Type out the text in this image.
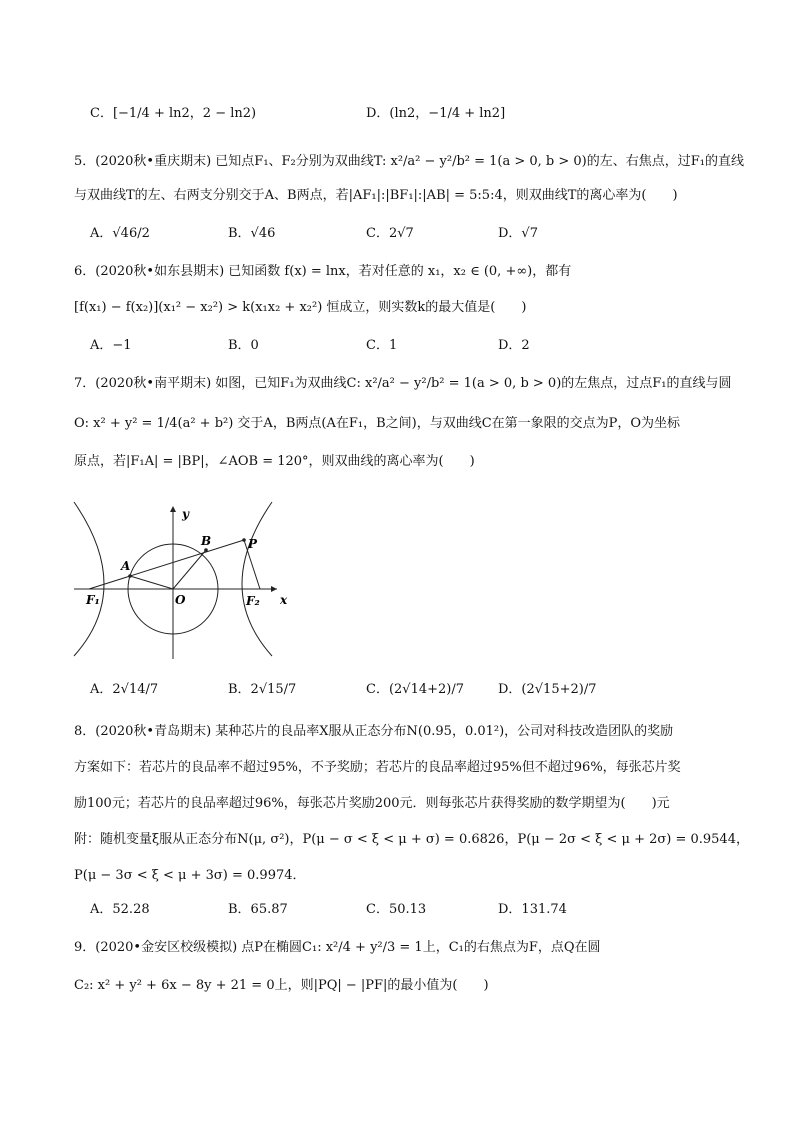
C．[−1/4 + ln2，2 − ln2)	D．(ln2，−1/4 + ln2]
5．(2020秋•重庆期末) 已知点F₁、F₂分别为双曲线T: x²/a² − y²/b² = 1(a > 0, b > 0)的左、右焦点，过F₁的直线
与双曲线T的左、右两支分别交于A、B两点，若|AF₁|:|BF₁|:|AB| = 5:5:4，则双曲线T的离心率为(　　)
A．√46/2	B．√46	C．2√7	D．√7
6．(2020秋•如东县期末) 已知函数 f(x) = lnx，若对任意的 x₁，x₂ ∈ (0, +∞)，都有
[f(x₁) − f(x₂)](x₁² − x₂²) > k(x₁x₂ + x₂²) 恒成立，则实数k的最大值是(　　)
A．−1	B．0	C．1	D．2
7．(2020秋•南平期末) 如图，已知F₁为双曲线C: x²/a² − y²/b² = 1(a > 0, b > 0)的左焦点，过点F₁的直线与圆
O: x² + y² = 1/4(a² + b²) 交于A，B两点(A在F₁，B之间)，与双曲线C在第一象限的交点为P，O为坐标
原点，若|F₁A| = |BP|，∠AOB = 120°，则双曲线的离心率为(　　)
y
x
A
B	P
O
F₁	F₂
A．2√14/7	B．2√15/7	C．(2√14+2)/7	D．(2√15+2)/7
8．(2020秋•青岛期末) 某种芯片的良品率X服从正态分布N(0.95，0.01²)，公司对科技改造团队的奖励
方案如下：若芯片的良品率不超过95%，不予奖励；若芯片的良品率超过95%但不超过96%，每张芯片奖
励100元；若芯片的良品率超过96%，每张芯片奖励200元．则每张芯片获得奖励的数学期望为(　　)元
附：随机变量ξ服从正态分布N(μ, σ²)，P(μ − σ < ξ < μ + σ) = 0.6826，P(μ − 2σ < ξ < μ + 2σ) = 0.9544，
P(μ − 3σ < ξ < μ + 3σ) = 0.9974．
A．52.28	B．65.87	C．50.13	D．131.74
9．(2020•金安区校级模拟) 点P在椭圆C₁: x²/4 + y²/3 = 1上，C₁的右焦点为F，点Q在圆
C₂: x² + y² + 6x − 8y + 21 = 0上，则|PQ| − |PF|的最小值为(　　)
